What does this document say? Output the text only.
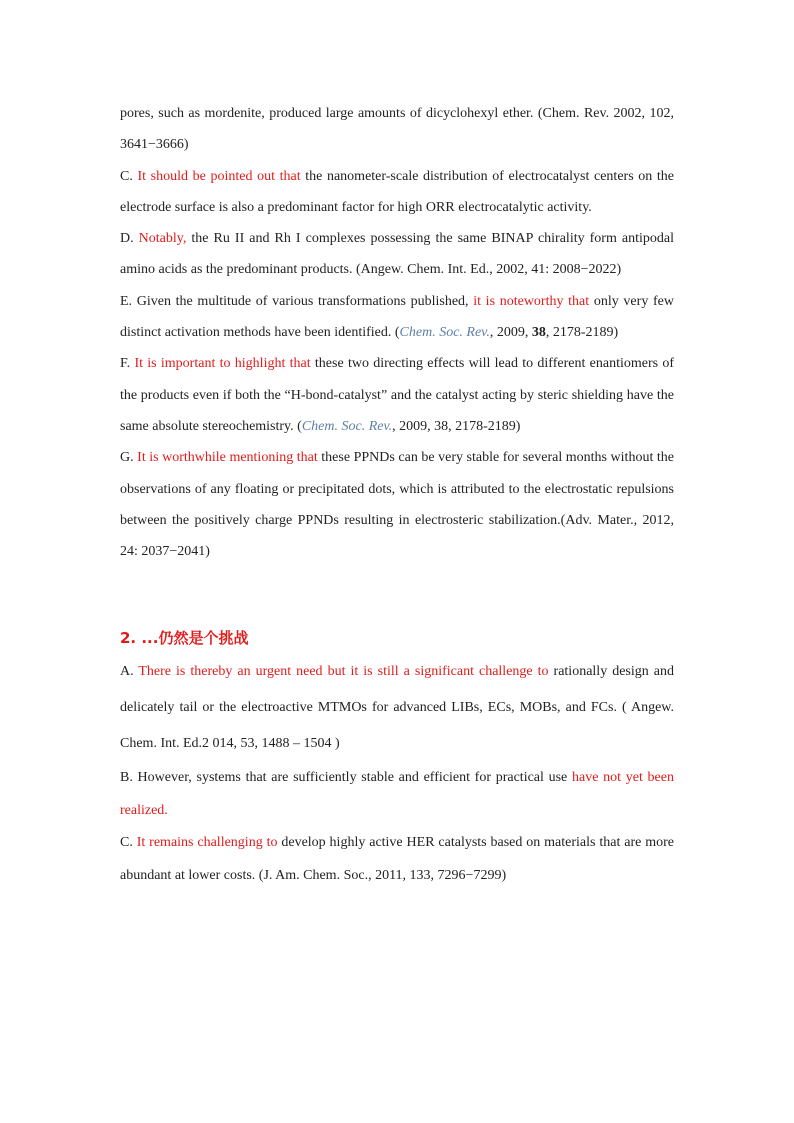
pores, such as mordenite, produced large amounts of dicyclohexyl ether. (Chem. Rev. 2002, 102, 3641−3666)

C. It should be pointed out that the nanometer-scale distribution of electrocatalyst centers on the electrode surface is also a predominant factor for high ORR electrocatalytic activity.

D. Notably, the Ru II and Rh I complexes possessing the same BINAP chirality form antipodal amino acids as the predominant products. (Angew. Chem. Int. Ed., 2002, 41: 2008−2022)

E. Given the multitude of various transformations published, it is noteworthy that only very few distinct activation methods have been identified. (Chem. Soc. Rev., 2009, 38, 2178-2189)

F. It is important to highlight that these two directing effects will lead to different enantiomers of the products even if both the “H-bond-catalyst” and the catalyst acting by steric shielding have the same absolute stereochemistry. (Chem. Soc. Rev., 2009, 38, 2178-2189)

G. It is worthwhile mentioning that these PPNDs can be very stable for several months without the observations of any floating or precipitated dots, which is attributed to the electrostatic repulsions between the positively charge PPNDs resulting in electrosteric stabilization.(Adv. Mater., 2012, 24: 2037−2041)

2. ...仍然是个挑战

A. There is thereby an urgent need but it is still a significant challenge to rationally design and delicately tail or the electroactive MTMOs for advanced LIBs, ECs, MOBs, and FCs. ( Angew. Chem. Int. Ed.2 014, 53, 1488 – 1504 )

B. However, systems that are sufficiently stable and efficient for practical use have not yet been realized.

C. It remains challenging to develop highly active HER catalysts based on materials that are more abundant at lower costs. (J. Am. Chem. Soc., 2011, 133, 7296−7299)
